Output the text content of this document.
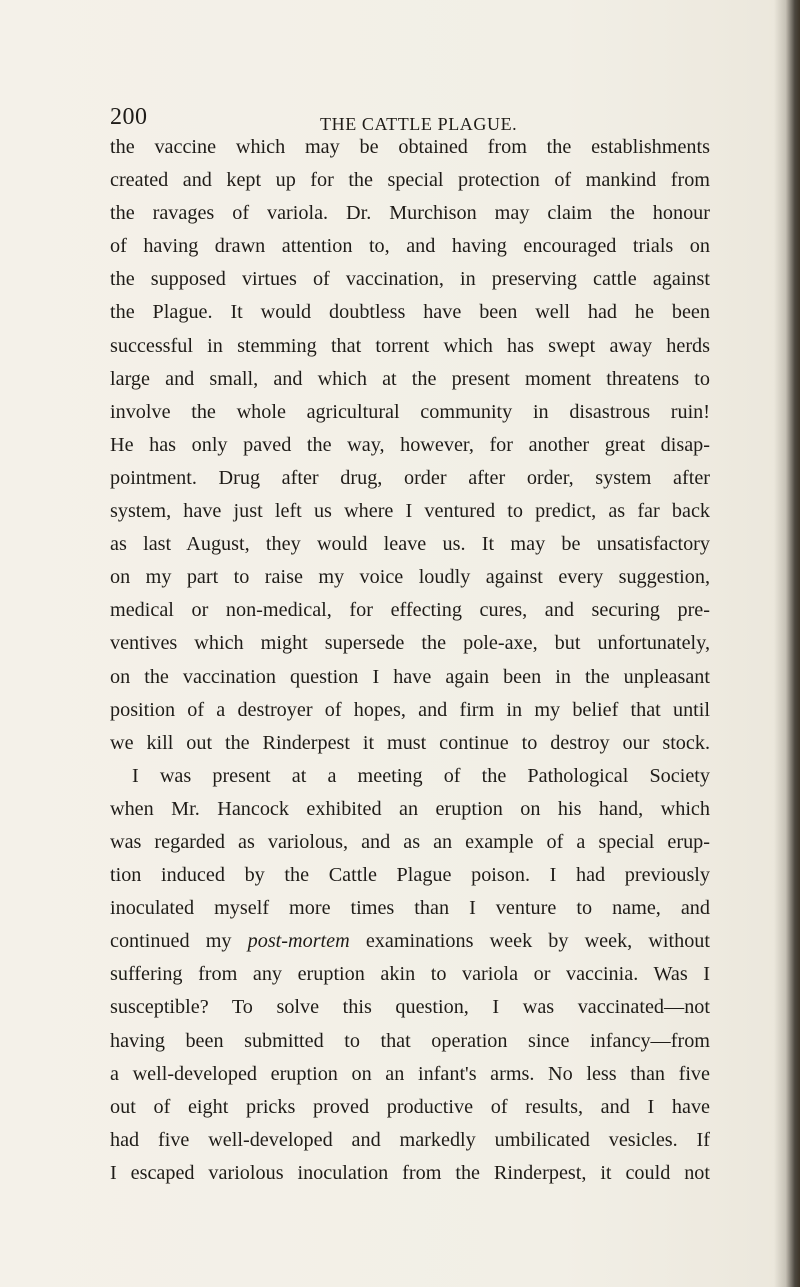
200	THE CATTLE PLAGUE.
the vaccine which may be obtained from the establishments
created and kept up for the special protection of mankind from
the ravages of variola. Dr. Murchison may claim the honour
of having drawn attention to, and having encouraged trials on
the supposed virtues of vaccination, in preserving cattle against
the Plague. It would doubtless have been well had he been
successful in stemming that torrent which has swept away herds
large and small, and which at the present moment threatens to
involve the whole agricultural community in disastrous ruin!
He has only paved the way, however, for another great disap-
pointment. Drug after drug, order after order, system after
system, have just left us where I ventured to predict, as far back
as last August, they would leave us. It may be unsatisfactory
on my part to raise my voice loudly against every suggestion,
medical or non-medical, for effecting cures, and securing pre-
ventives which might supersede the pole-axe, but unfortunately,
on the vaccination question I have again been in the unpleasant
position of a destroyer of hopes, and firm in my belief that until
we kill out the Rinderpest it must continue to destroy our stock.
I was present at a meeting of the Pathological Society
when Mr. Hancock exhibited an eruption on his hand, which
was regarded as variolous, and as an example of a special erup-
tion induced by the Cattle Plague poison. I had previously
inoculated myself more times than I venture to name, and
continued my post-mortem examinations week by week, without
suffering from any eruption akin to variola or vaccinia. Was I
susceptible? To solve this question, I was vaccinated—not
having been submitted to that operation since infancy—from
a well-developed eruption on an infant's arms. No less than five
out of eight pricks proved productive of results, and I have
had five well-developed and markedly umbilicated vesicles. If
I escaped variolous inoculation from the Rinderpest, it could not
